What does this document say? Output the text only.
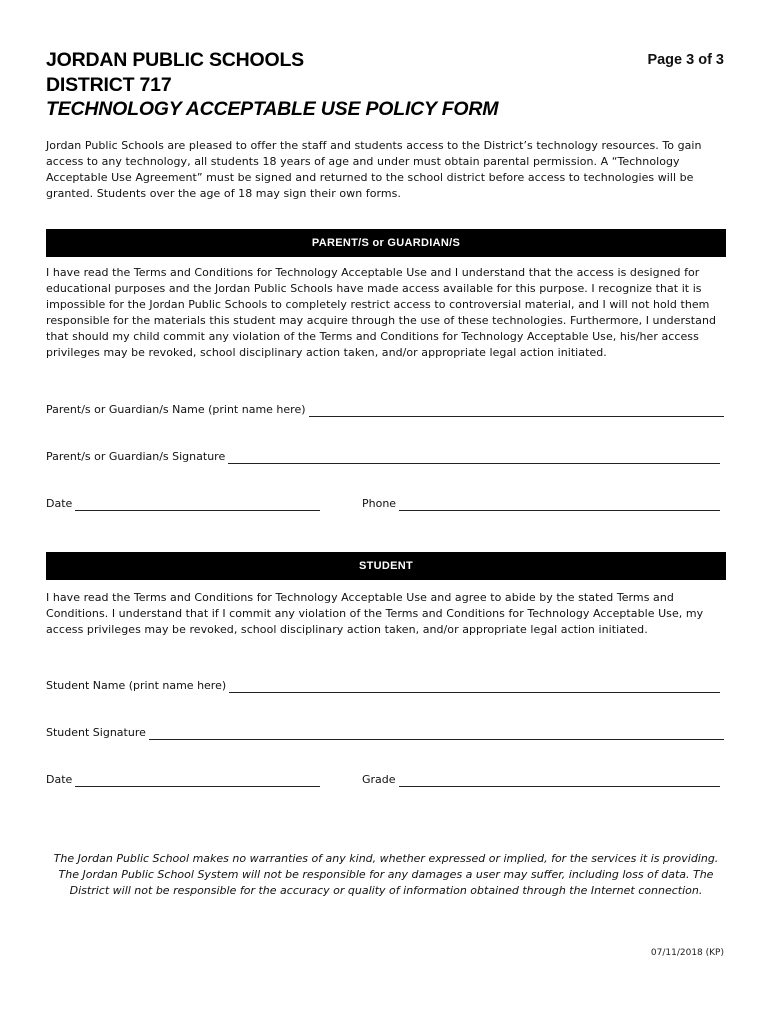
JORDAN PUBLIC SCHOOLS
DISTRICT 717
TECHNOLOGY ACCEPTABLE USE POLICY FORM
Page 3 of 3
Jordan Public Schools are pleased to offer the staff and students access to the District’s technology resources. To gain access to any technology, all students 18 years of age and under must obtain parental permission. A “Technology Acceptable Use Agreement” must be signed and returned to the school district before access to technologies will be granted. Students over the age of 18 may sign their own forms.
PARENT/S or GUARDIAN/S
I have read the Terms and Conditions for Technology Acceptable Use and I understand that the access is designed for educational purposes and the Jordan Public Schools have made access available for this purpose. I recognize that it is impossible for the Jordan Public Schools to completely restrict access to controversial material, and I will not hold them responsible for the materials this student may acquire through the use of these technologies. Furthermore, I understand that should my child commit any violation of the Terms and Conditions for Technology Acceptable Use, his/her access privileges may be revoked, school disciplinary action taken, and/or appropriate legal action initiated.
Parent/s or Guardian/s Name (print name here)
Parent/s or Guardian/s Signature
Date	Phone
STUDENT
I have read the Terms and Conditions for Technology Acceptable Use and agree to abide by the stated Terms and Conditions. I understand that if I commit any violation of the Terms and Conditions for Technology Acceptable Use, my access privileges may be revoked, school disciplinary action taken, and/or appropriate legal action initiated.
Student Name (print name here)
Student Signature
Date	Grade
The Jordan Public School makes no warranties of any kind, whether expressed or implied, for the services it is providing. The Jordan Public School System will not be responsible for any damages a user may suffer, including loss of data. The District will not be responsible for the accuracy or quality of information obtained through the Internet connection.
07/11/2018 (KP)
